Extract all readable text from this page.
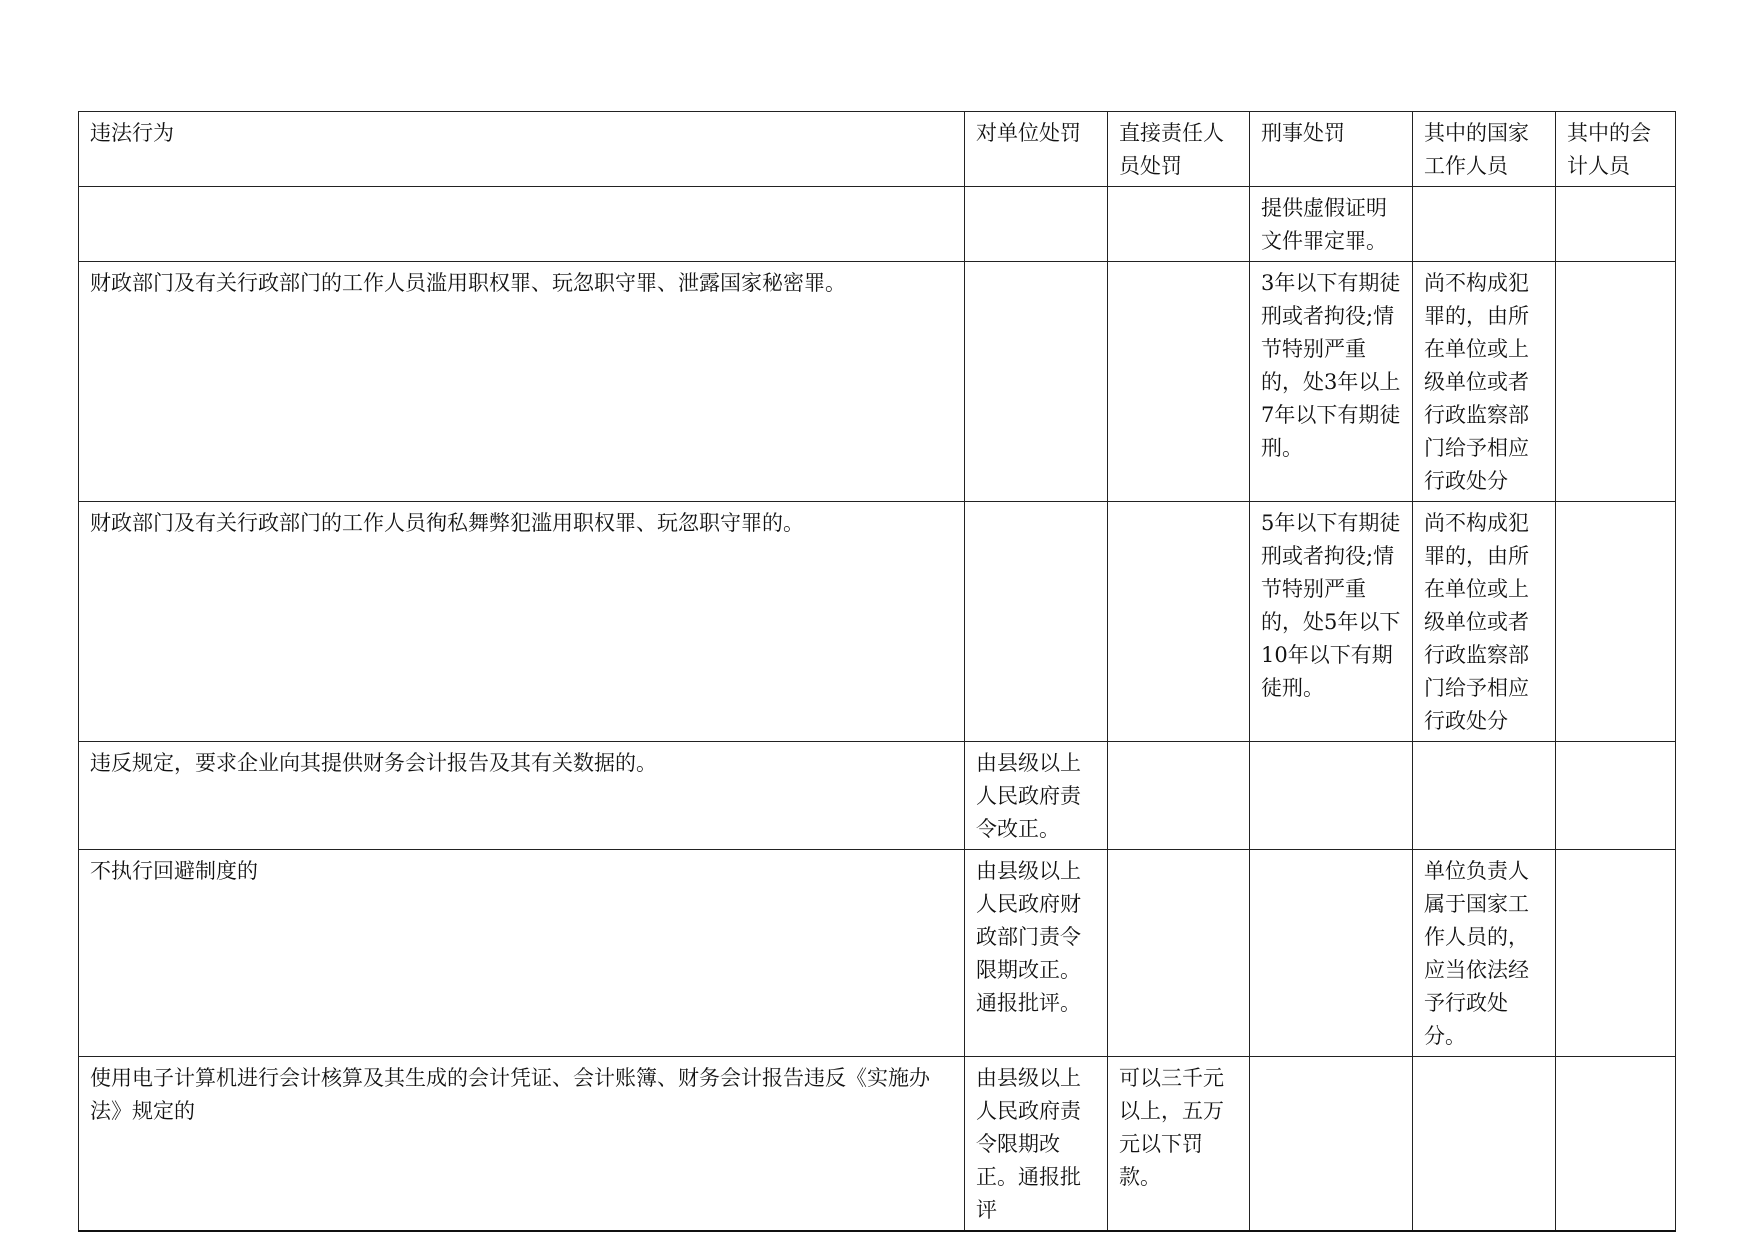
违法行为	对单位处罚	直接责任人员处罚	刑事处罚	其中的国家工作人员	其中的会计人员
			提供虚假证明文件罪定罪。		
财政部门及有关行政部门的工作人员滥用职权罪、玩忽职守罪、泄露国家秘密罪。			3年以下有期徒刑或者拘役;情节特别严重的，处3年以上7年以下有期徒刑。	尚不构成犯罪的，由所在单位或上级单位或者行政监察部门给予相应行政处分	
财政部门及有关行政部门的工作人员徇私舞弊犯滥用职权罪、玩忽职守罪的。			5年以下有期徒刑或者拘役;情节特别严重的，处5年以下10年以下有期徒刑。	尚不构成犯罪的，由所在单位或上级单位或者行政监察部门给予相应行政处分	
违反规定，要求企业向其提供财务会计报告及其有关数据的。	由县级以上人民政府责令改正。				
不执行回避制度的	由县级以上人民政府财政部门责令限期改正。通报批评。			单位负责人属于国家工作人员的，应当依法经予行政处分。	
使用电子计算机进行会计核算及其生成的会计凭证、会计账簿、财务会计报告违反《实施办法》规定的	由县级以上人民政府责令限期改正。通报批评	可以三千元以上，五万元以下罚款。			
